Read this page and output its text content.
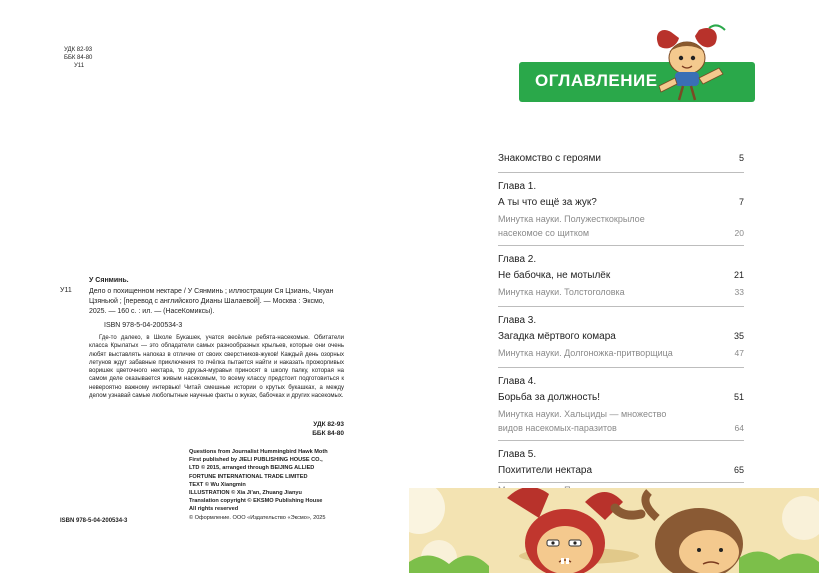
УДК 82-93
ББК 84-80
У11
У Сянминь.
У11 Дело о похищенном нектаре / У Сянминь ; иллюстрации Ся Цзиань, Чжуан Цзяньюй ; [перевод с английского Дианы Шалаевой]. — Москва : Эксмо, 2025. — 160 с. : ил. — (НасеКомиксы).
ISBN 978-5-04-200534-3
Где-то далеко, в Школе Букашек, учатся весёлые ребята-насекомые. Обитатели класса Крылатых — это обладатели самых разнообразных крыльев, которые они очень любят выставлять напоказ в отличие от своих сверстников-жуков! Каждый день озорных летунов ждут забавные приключения то пчёлка пытается найти и наказать прожорливых воришек цветочного нектара, то друзья-муравьи приносят в школу палку, которая на самом деле оказывается живым насекомым, то всему классу предстоит подготовиться к невероятно важному интервью! Читай смешные истории о крутых букашках, а между делом узнавай самые любопытные научные факты о жуках, бабочках и других насекомых.
УДК 82-93
ББК 84-80
Questions from Journalist Hummingbird Hawk Moth
First published by JIELI PUBLISHING HOUSE CO.,
LTD © 2015, arranged through BEIJING ALLIED
FORTUNE INTERNATIONAL TRADE LIMITED
TEXT © Wu Xiangmin
ILLUSTRATION © Xia Ji'an, Zhuang Jianyu
Translation copyright © EKSMO Publishing House
All rights reserved
© Оформление. ООО «Издательство «Эксмо», 2025
ISBN 978-5-04-200534-3
ОГЛАВЛЕНИЕ
Знакомство с героями	5
Глава 1.
А ты что ещё за жук?	7
Минутка науки. Полужесткокрылое
насекомое со щитком	20
Глава 2.
Не бабочка, не мотылёк	21
Минутка науки. Толстоголовка	33
Глава 3.
Загадка мёртвого комара	35
Минутка науки. Долгоножка-притворщица	47
Глава 4.
Борьба за должность!	51
Минутка науки. Хальциды — множество
видов насекомых-паразитов	64
Глава 5.
Похитители нектара	65
